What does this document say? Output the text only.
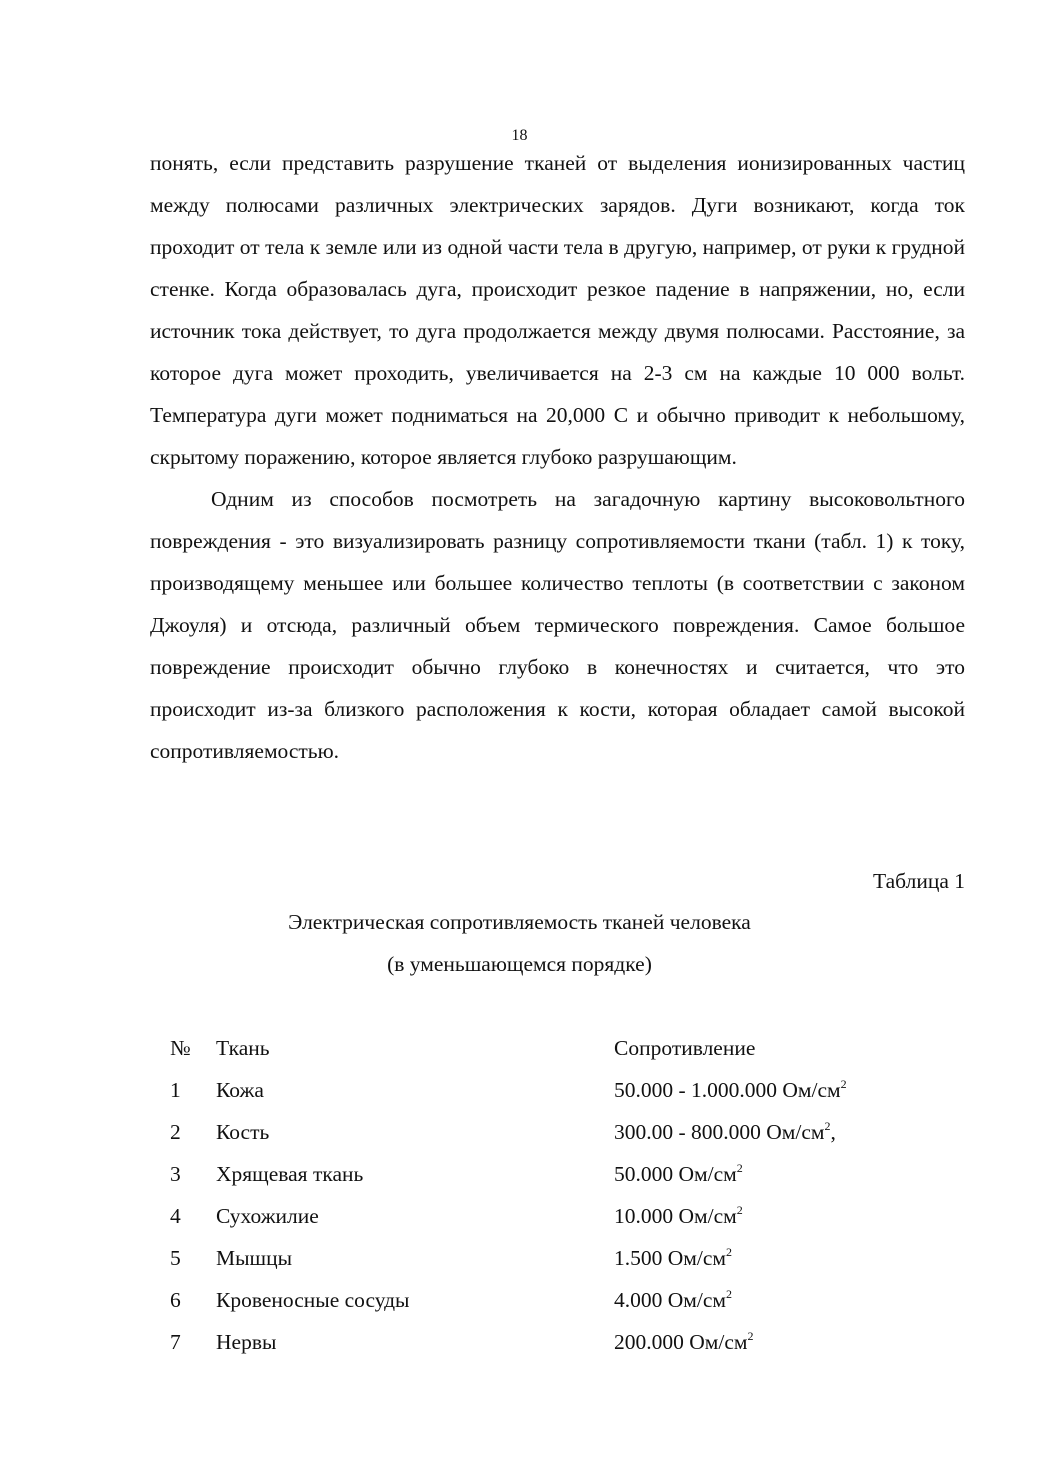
18

понять, если представить разрушение тканей от выделения ионизированных частиц между полюсами различных электрических зарядов. Дуги возникают, когда ток проходит от тела к земле или из одной части тела в другую, например, от руки к грудной стенке. Когда образовалась дуга, происходит резкое падение в напряжении, но, если источник тока действует, то дуга продолжается между двумя полюсами. Расстояние, за которое дуга может проходить, увеличивается на 2-3 см на каждые 10 000 вольт. Температура дуги может подниматься на 20,000 С и обычно приводит к небольшому, скрытому поражению, которое является глубоко разрушающим.

Одним из способов посмотреть на загадочную картину высоковольтного повреждения - это визуализировать разницу сопротивляемости ткани (табл. 1) к току, производящему меньшее или большее количество теплоты (в соответствии с законом Джоуля) и отсюда, различный объем термического повреждения. Самое большое повреждение происходит обычно глубоко в конечностях и считается, что это происходит из-за близкого расположения к кости, которая обладает самой высокой сопротивляемостью.

Таблица 1
Электрическая сопротивляемость тканей человека
(в уменьшающемся порядке)
№	Ткань	Сопротивление
1	Кожа	50.000 - 1.000.000 $Ом/см^2$
2	Кость	300.00 - 800.000 $Ом/см^2$,
3	Хрящевая ткань	50.000 $Ом/см^2$
4	Сухожилие	10.000 $Ом/см^2$
5	Мышцы	1.500 $Ом/см^2$
6	Кровеносные сосуды	4.000 $Ом/см^2$
7	Нервы	200.000 $Ом/см^2$
